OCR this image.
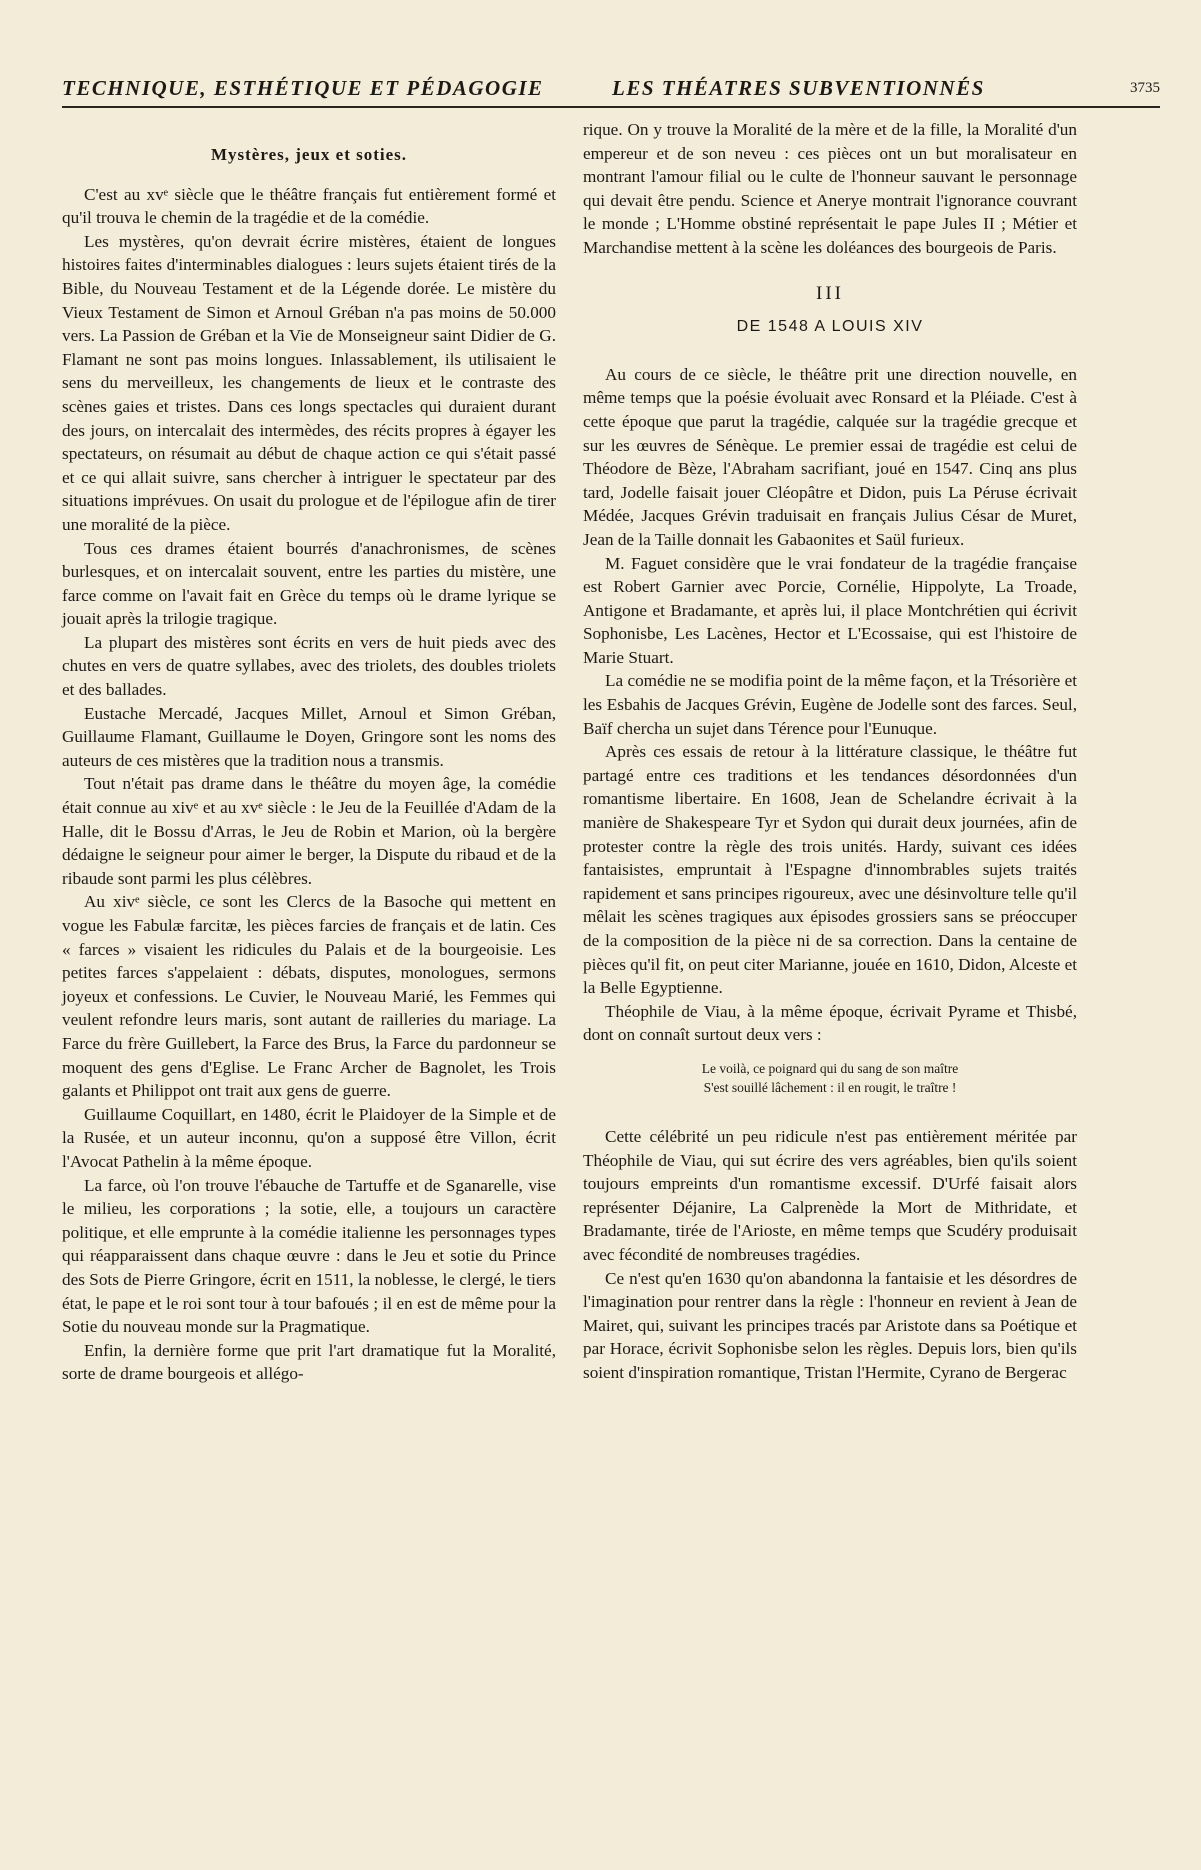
TECHNIQUE, ESTHÉTIQUE ET PÉDAGOGIE	LES THÉATRES SUBVENTIONNÉS	3735
Mystères, jeux et soties.

C'est au xvᵉ siècle que le théâtre français fut entièrement formé et qu'il trouva le chemin de la tragédie et de la comédie.

Les mystères, qu'on devrait écrire mistères, étaient de longues histoires faites d'interminables dialogues : leurs sujets étaient tirés de la Bible, du Nouveau Testament et de la Légende dorée. Le mistère du Vieux Testament de Simon et Arnoul Gréban n'a pas moins de 50.000 vers. La Passion de Gréban et la Vie de Monseigneur saint Didier de G. Flamant ne sont pas moins longues. Inlassablement, ils utilisaient le sens du merveilleux, les changements de lieux et le contraste des scènes gaies et tristes. Dans ces longs spectacles qui duraient durant des jours, on intercalait des intermèdes, des récits propres à égayer les spectateurs, on résumait au début de chaque action ce qui s'était passé et ce qui allait suivre, sans chercher à intriguer le spectateur par des situations imprévues. On usait du prologue et de l'épilogue afin de tirer une moralité de la pièce.

Tous ces drames étaient bourrés d'anachronismes, de scènes burlesques, et on intercalait souvent, entre les parties du mistère, une farce comme on l'avait fait en Grèce du temps où le drame lyrique se jouait après la trilogie tragique.

La plupart des mistères sont écrits en vers de huit pieds avec des chutes en vers de quatre syllabes, avec des triolets, des doubles triolets et des ballades.

Eustache Mercadé, Jacques Millet, Arnoul et Simon Gréban, Guillaume Flamant, Guillaume le Doyen, Gringore sont les noms des auteurs de ces mistères que la tradition nous a transmis.

Tout n'était pas drame dans le théâtre du moyen âge, la comédie était connue au xivᵉ et au xvᵉ siècle : le Jeu de la Feuillée d'Adam de la Halle, dit le Bossu d'Arras, le Jeu de Robin et Marion, où la bergère dédaigne le seigneur pour aimer le berger, la Dispute du ribaud et de la ribaude sont parmi les plus célèbres.

Au xivᵉ siècle, ce sont les Clercs de la Basoche qui mettent en vogue les Fabulæ farcitæ, les pièces farcies de français et de latin. Ces « farces » visaient les ridicules du Palais et de la bourgeoisie. Les petites farces s'appelaient : débats, disputes, monologues, sermons joyeux et confessions. Le Cuvier, le Nouveau Marié, les Femmes qui veulent refondre leurs maris, sont autant de railleries du mariage. La Farce du frère Guillebert, la Farce des Brus, la Farce du pardonneur se moquent des gens d'Eglise. Le Franc Archer de Bagnolet, les Trois galants et Philippot ont trait aux gens de guerre.

Guillaume Coquillart, en 1480, écrit le Plaidoyer de la Simple et de la Rusée, et un auteur inconnu, qu'on a supposé être Villon, écrit l'Avocat Pathelin à la même époque.

La farce, où l'on trouve l'ébauche de Tartuffe et de Sganarelle, vise le milieu, les corporations ; la sotie, elle, a toujours un caractère politique, et elle emprunte à la comédie italienne les personnages types qui réapparaissent dans chaque œuvre : dans le Jeu et sotie du Prince des Sots de Pierre Gringore, écrit en 1511, la noblesse, le clergé, le tiers état, le pape et le roi sont tour à tour bafoués ; il en est de même pour la Sotie du nouveau monde sur la Pragmatique.

Enfin, la dernière forme que prit l'art dramatique fut la Moralité, sorte de drame bourgeois et allégo-

rique. On y trouve la Moralité de la mère et de la fille, la Moralité d'un empereur et de son neveu : ces pièces ont un but moralisateur en montrant l'amour filial ou le culte de l'honneur sauvant le personnage qui devait être pendu. Science et Anerye montrait l'ignorance couvrant le monde ; L'Homme obstiné représentait le pape Jules II ; Métier et Marchandise mettent à la scène les doléances des bourgeois de Paris.

III
DE 1548 A LOUIS XIV

Au cours de ce siècle, le théâtre prit une direction nouvelle, en même temps que la poésie évoluait avec Ronsard et la Pléiade. C'est à cette époque que parut la tragédie, calquée sur la tragédie grecque et sur les œuvres de Sénèque. Le premier essai de tragédie est celui de Théodore de Bèze, l'Abraham sacrifiant, joué en 1547. Cinq ans plus tard, Jodelle faisait jouer Cléopâtre et Didon, puis La Péruse écrivait Médée, Jacques Grévin traduisait en français Julius César de Muret, Jean de la Taille donnait les Gabaonites et Saül furieux.

M. Faguet considère que le vrai fondateur de la tragédie française est Robert Garnier avec Porcie, Cornélie, Hippolyte, La Troade, Antigone et Bradamante, et après lui, il place Montchrétien qui écrivit Sophonisbe, Les Lacènes, Hector et L'Ecossaise, qui est l'histoire de Marie Stuart.

La comédie ne se modifia point de la même façon, et la Trésorière et les Esbahis de Jacques Grévin, Eugène de Jodelle sont des farces. Seul, Baïf chercha un sujet dans Térence pour l'Eunuque.

Après ces essais de retour à la littérature classique, le théâtre fut partagé entre ces traditions et les tendances désordonnées d'un romantisme libertaire. En 1608, Jean de Schelandre écrivait à la manière de Shakespeare Tyr et Sydon qui durait deux journées, afin de protester contre la règle des trois unités. Hardy, suivant ces idées fantaisistes, empruntait à l'Espagne d'innombrables sujets traités rapidement et sans principes rigoureux, avec une désinvolture telle qu'il mêlait les scènes tragiques aux épisodes grossiers sans se préoccuper de la composition de la pièce ni de sa correction. Dans la centaine de pièces qu'il fit, on peut citer Marianne, jouée en 1610, Didon, Alceste et la Belle Egyptienne.

Théophile de Viau, à la même époque, écrivait Pyrame et Thisbé, dont on connaît surtout deux vers :

Le voilà, ce poignard qui du sang de son maître
S'est souillé lâchement : il en rougit, le traître !

Cette célébrité un peu ridicule n'est pas entièrement méritée par Théophile de Viau, qui sut écrire des vers agréables, bien qu'ils soient toujours empreints d'un romantisme excessif. D'Urfé faisait alors représenter Déjanire, La Calprenède la Mort de Mithridate, et Bradamante, tirée de l'Arioste, en même temps que Scudéry produisait avec fécondité de nombreuses tragédies.

Ce n'est qu'en 1630 qu'on abandonna la fantaisie et les désordres de l'imagination pour rentrer dans la règle : l'honneur en revient à Jean de Mairet, qui, suivant les principes tracés par Aristote dans sa Poétique et par Horace, écrivit Sophonisbe selon les règles. Depuis lors, bien qu'ils soient d'inspiration romantique, Tristan l'Hermite, Cyrano de Bergerac
